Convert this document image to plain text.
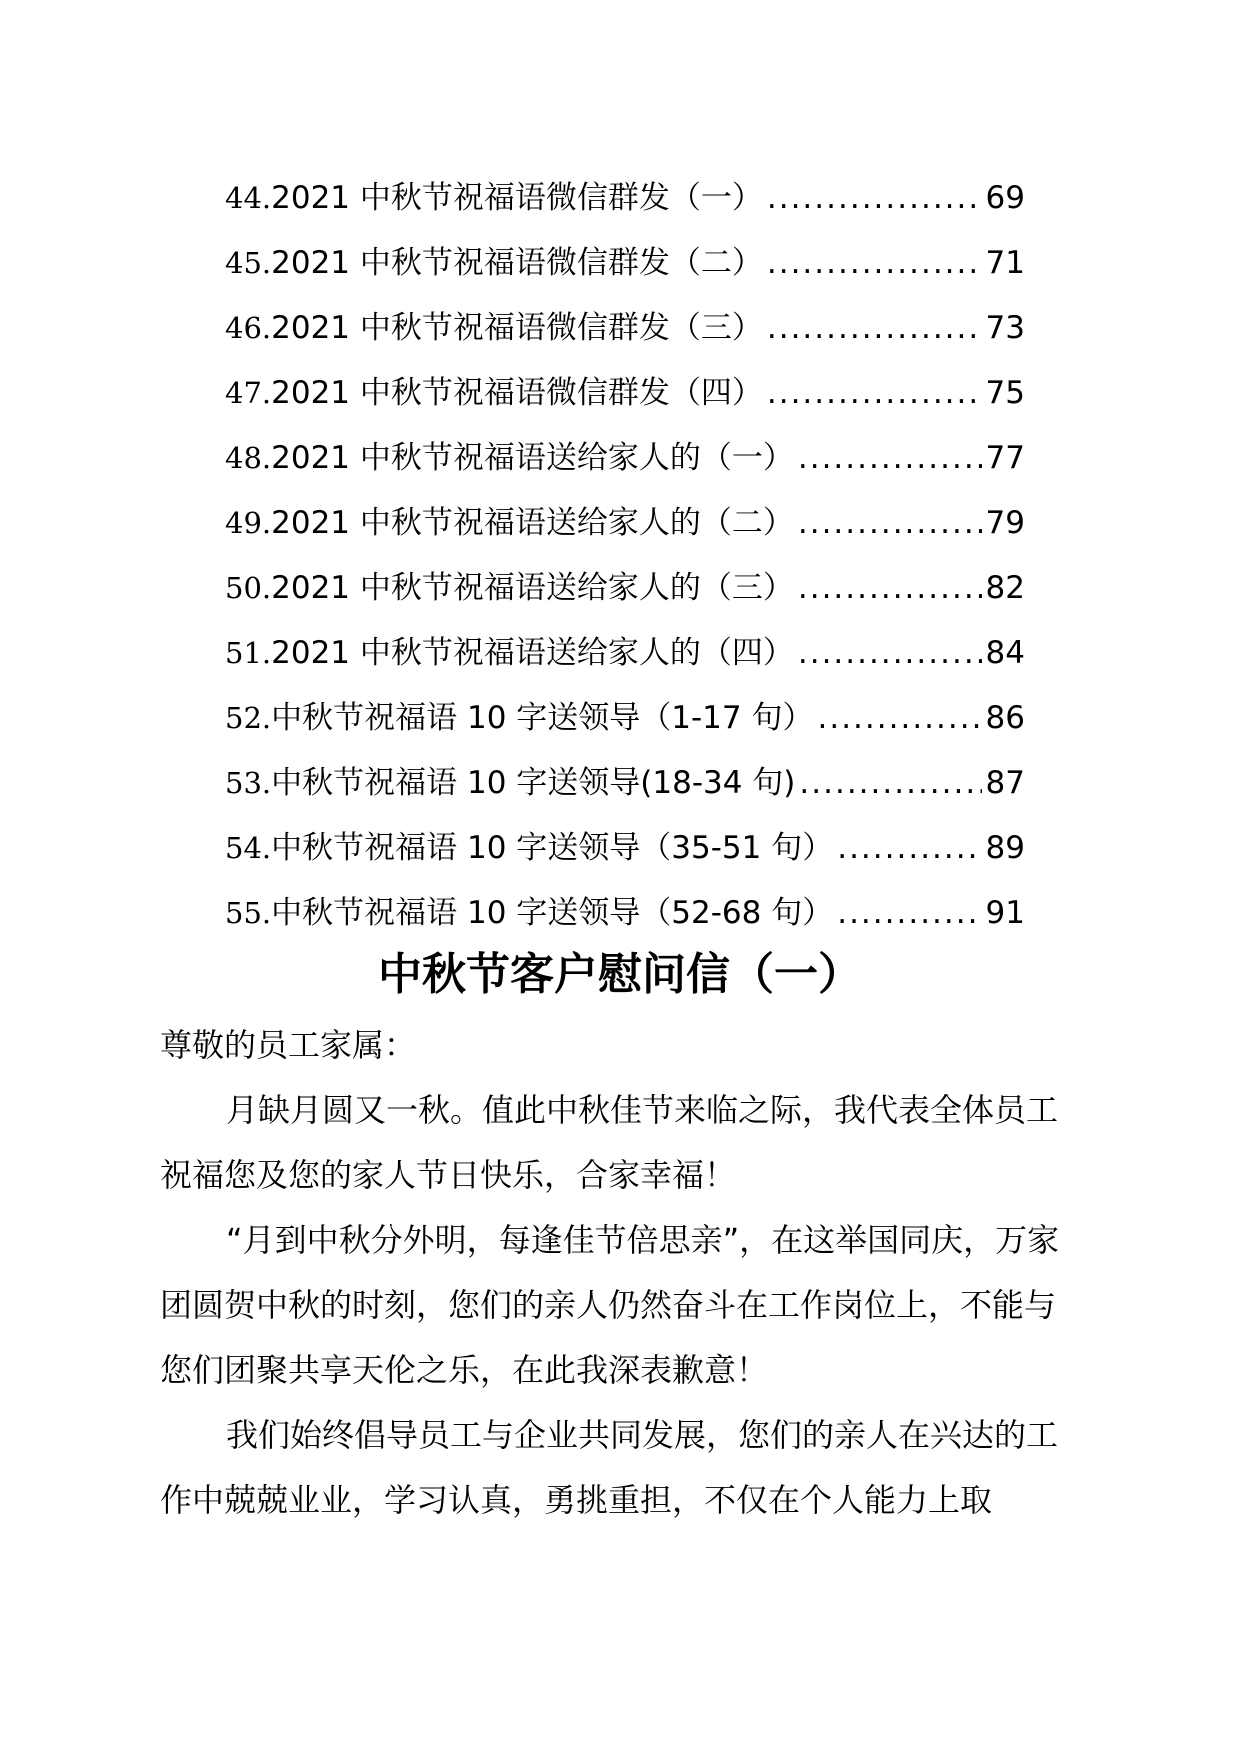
44. 2021 中秋节祝福语微信群发（一） .....	69
45. 2021 中秋节祝福语微信群发（二） .....	71
46. 2021 中秋节祝福语微信群发（三） .....	73
47. 2021 中秋节祝福语微信群发（四） .....	75
48. 2021 中秋节祝福语送给家人的（一） .....	77
49. 2021 中秋节祝福语送给家人的（二） .....	79
50. 2021 中秋节祝福语送给家人的（三） .....	82
51. 2021 中秋节祝福语送给家人的（四） .....	84
52. 中秋节祝福语 10 字送领导（1-17 句） .....	86
53. 中秋节祝福语 10 字送领导(18-34 句) .....	87
54. 中秋节祝福语 10 字送领导（35-51 句） .....	89
55. 中秋节祝福语 10 字送领导（52-68 句） .....	91
中秋节客户慰问信（一）

尊敬的员工家属：

月缺月圆又一秋。值此中秋佳节来临之际，我代表全体员工祝福您及您的家人节日快乐，合家幸福！

“月到中秋分外明，每逢佳节倍思亲”，在这举国同庆，万家团圆贺中秋的时刻，您们的亲人仍然奋斗在工作岗位上，不能与您们团聚共享天伦之乐，在此我深表歉意！

我们始终倡导员工与企业共同发展，您们的亲人在兴达的工作中兢兢业业，学习认真，勇挑重担，不仅在个人能力上取
